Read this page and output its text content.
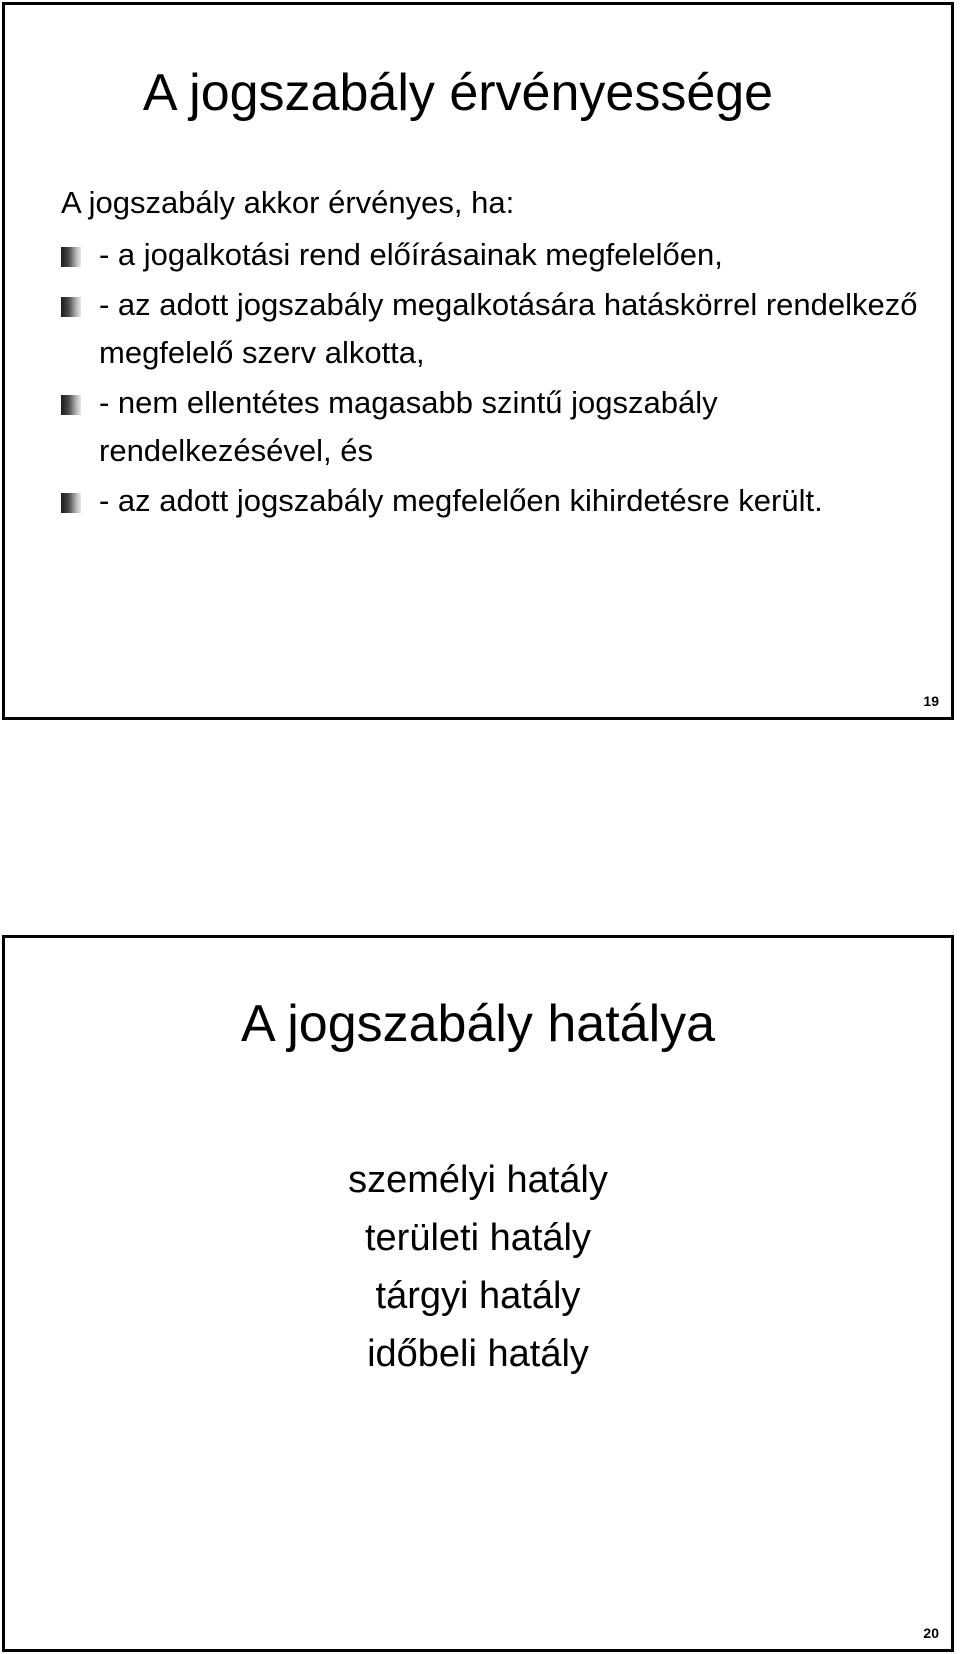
A jogszabály érvényessége
A jogszabály akkor érvényes, ha:
- a jogalkotási rend előírásainak megfelelően,
- az adott jogszabály megalkotására hatáskörrel rendelkező megfelelő szerv alkotta,
- nem ellentétes magasabb szintű jogszabály rendelkezésével, és
- az adott jogszabály megfelelően kihirdetésre került.
19
A jogszabály hatálya
személyi hatály
területi hatály
tárgyi hatály
időbeli hatály
20
